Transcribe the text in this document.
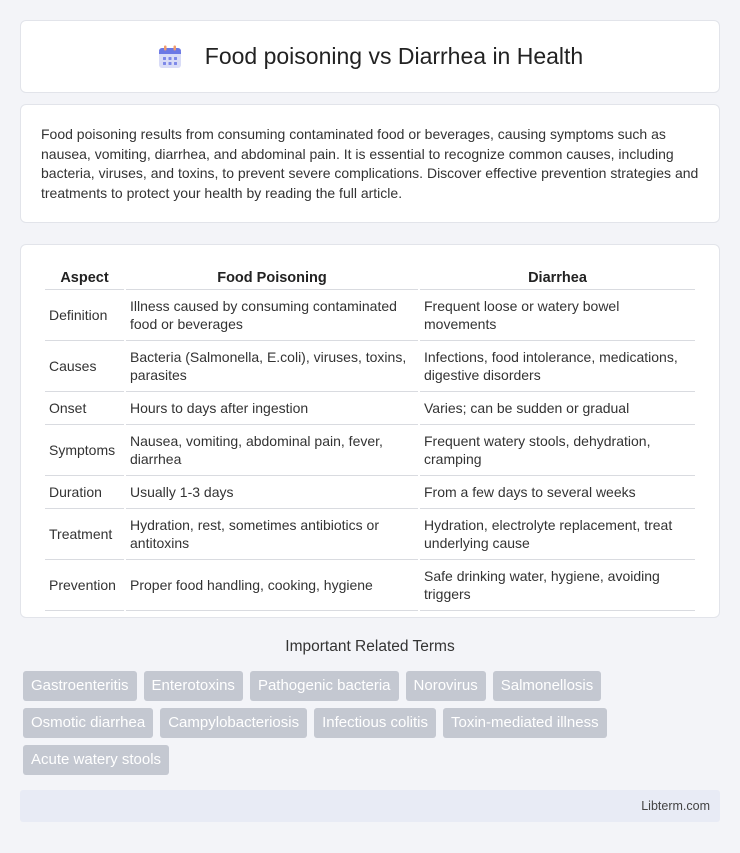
Food poisoning vs Diarrhea in Health

Food poisoning results from consuming contaminated food or beverages, causing symptoms such as nausea, vomiting, diarrhea, and abdominal pain. It is essential to recognize common causes, including bacteria, viruses, and toxins, to prevent severe complications. Discover effective prevention strategies and treatments to protect your health by reading the full article.

Aspect	Food Poisoning	Diarrhea
Definition	Illness caused by consuming contaminated food or beverages	Frequent loose or watery bowel movements
Causes	Bacteria (Salmonella, E.coli), viruses, toxins, parasites	Infections, food intolerance, medications, digestive disorders
Onset	Hours to days after ingestion	Varies; can be sudden or gradual
Symptoms	Nausea, vomiting, abdominal pain, fever, diarrhea	Frequent watery stools, dehydration, cramping
Duration	Usually 1-3 days	From a few days to several weeks
Treatment	Hydration, rest, sometimes antibiotics or antitoxins	Hydration, electrolyte replacement, treat underlying cause
Prevention	Proper food handling, cooking, hygiene	Safe drinking water, hygiene, avoiding triggers
Important Related Terms
Gastroenteritis	Enterotoxins	Pathogenic bacteria	Norovirus	Salmonellosis
Osmotic diarrhea	Campylobacteriosis	Infectious colitis	Toxin-mediated illness
Acute watery stools
Libterm.com
